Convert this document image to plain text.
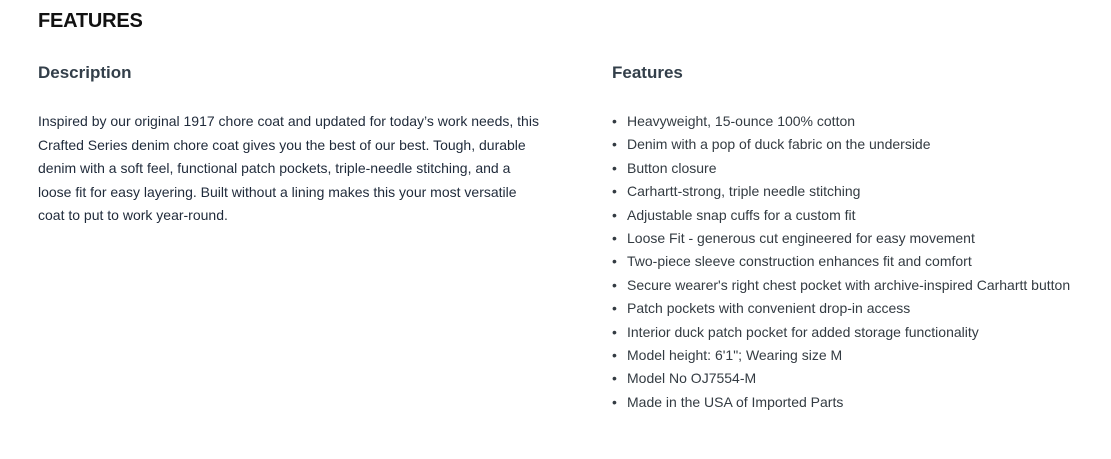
FEATURES
Description

Inspired by our original 1917 chore coat and updated for today’s work needs, this Crafted Series denim chore coat gives you the best of our best. Tough, durable denim with a soft feel, functional patch pockets, triple-needle stitching, and a loose fit for easy layering. Built without a lining makes this your most versatile coat to put to work year-round.

Features
• Heavyweight, 15-ounce 100% cotton
• Denim with a pop of duck fabric on the underside
• Button closure
• Carhartt-strong, triple needle stitching
• Adjustable snap cuffs for a custom fit
• Loose Fit - generous cut engineered for easy movement
• Two-piece sleeve construction enhances fit and comfort
• Secure wearer's right chest pocket with archive-inspired Carhartt button
• Patch pockets with convenient drop-in access
• Interior duck patch pocket for added storage functionality
• Model height: 6'1"; Wearing size M
• Model No OJ7554-M
• Made in the USA of Imported Parts
